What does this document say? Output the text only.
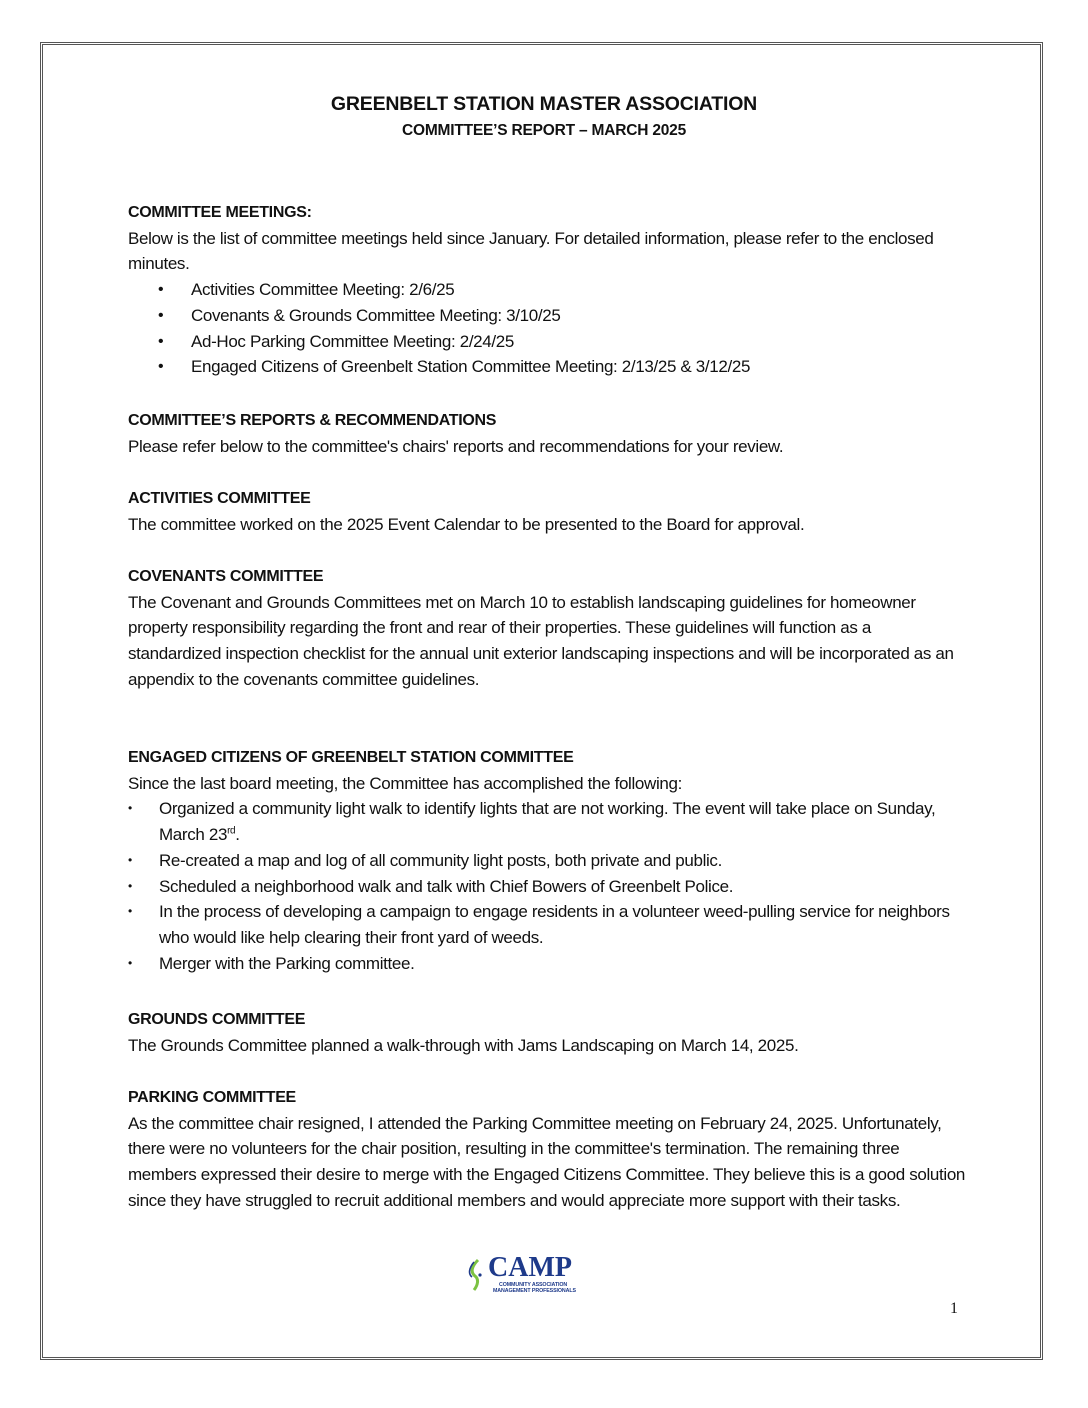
GREENBELT STATION MASTER ASSOCIATION
COMMITTEE’S REPORT – MARCH 2025

COMMITTEE MEETINGS:

Below is the list of committee meetings held since January. For detailed information, please refer to the enclosed minutes.

• Activities Committee Meeting: 2/6/25
• Covenants & Grounds Committee Meeting: 3/10/25
• Ad-Hoc Parking Committee Meeting: 2/24/25
• Engaged Citizens of Greenbelt Station Committee Meeting: 2/13/25 & 3/12/25

COMMITTEE’S REPORTS & RECOMMENDATIONS

Please refer below to the committee's chairs' reports and recommendations for your review.

ACTIVITIES COMMITTEE

The committee worked on the 2025 Event Calendar to be presented to the Board for approval.

COVENANTS COMMITTEE

The Covenant and Grounds Committees met on March 10 to establish landscaping guidelines for homeowner property responsibility regarding the front and rear of their properties. These guidelines will function as a standardized inspection checklist for the annual unit exterior landscaping inspections and will be incorporated as an appendix to the covenants committee guidelines.

ENGAGED CITIZENS OF GREENBELT STATION COMMITTEE

Since the last board meeting, the Committee has accomplished the following:

• Organized a community light walk to identify lights that are not working. The event will take place on Sunday, March 23rd.
• Re-created a map and log of all community light posts, both private and public.
• Scheduled a neighborhood walk and talk with Chief Bowers of Greenbelt Police.
• In the process of developing a campaign to engage residents in a volunteer weed-pulling service for neighbors who would like help clearing their front yard of weeds.
• Merger with the Parking committee.

GROUNDS COMMITTEE

The Grounds Committee planned a walk-through with Jams Landscaping on March 14, 2025.

PARKING COMMITTEE

As the committee chair resigned, I attended the Parking Committee meeting on February 24, 2025. Unfortunately, there were no volunteers for the chair position, resulting in the committee's termination. The remaining three members expressed their desire to merge with the Engaged Citizens Committee. They believe this is a good solution since they have struggled to recruit additional members and would appreciate more support with their tasks.

CAMP
COMMUNITY ASSOCIATION
MANAGEMENT PROFESSIONALS
1
